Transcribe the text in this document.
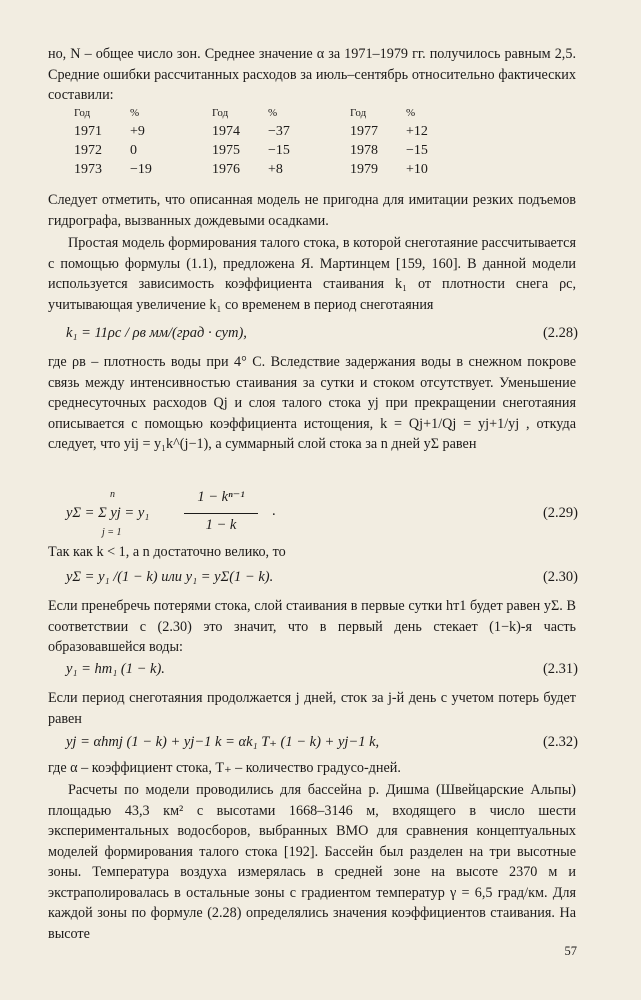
но, N – общее число зон. Среднее значение α за 1971–1979 гг. получилось равным 2,5. Средние ошибки рассчитанных расходов за июль–сентябрь относительно фактических составили:

Год	%	Год	%	Год	%
1971	+9	1974	−37	1977	+12
1972	0	1975	−15	1978	−15
1973	−19	1976	+8	1979	+10

Следует отметить, что описанная модель не пригодна для имитации резких подъемов гидрографа, вызванных дождевыми осадками.

Простая модель формирования талого стока, в которой снеготаяние рассчитывается с помощью формулы (1.1), предложена Я. Мартинцем [159, 160]. В данной модели используется зависимость коэффициента стаивания k₁ от плотности снега ρс, учитывающая увеличение k₁ со временем в период снеготаяния

k₁ = 11ρс / ρв мм/(град · сут),	(2.28)

где ρв – плотность воды при 4° С. Вследствие задержания воды в снежном покрове связь между интенсивностью стаивания за сутки и стоком отсутствует. Уменьшение среднесуточных расходов Qj и слоя талого стока yj при прекращении снеготаяния описывается с помощью коэффициента истощения, k = Qj+1/Qj = yj+1/yj , откуда следует, что yij = y₁k^(j−1), а суммарный слой стока за n дней yΣ равен

yΣ = Σ yj = y₁
n
j = 1
1 − kⁿ⁻¹
1 − k
.	(2.29)

Так как k < 1, а n достаточно велико, то

yΣ = y₁ /(1 − k) или y₁ = yΣ(1 − k).	(2.30)

Если пренебречь потерями стока, слой стаивания в первые сутки hт1 будет равен yΣ. В соответствии с (2.30) это значит, что в первый день стекает (1−k)-я часть образовавшейся воды:

y₁ = hт₁ (1 − k).	(2.31)

Если период снеготаяния продолжается j дней, сток за j-й день с учетом потерь будет равен

yj = αhтj (1 − k) + yj−1 k = αk₁ T₊ (1 − k) + yj−1 k,	(2.32)

где α – коэффициент стока, T₊ – количество градусо-дней.

Расчеты по модели проводились для бассейна р. Дишма (Швейцарские Альпы) площадью 43,3 км² с высотами 1668–3146 м, входящего в число шести экспериментальных водосборов, выбранных ВМО для сравнения концептуальных моделей формирования талого стока [192]. Бассейн был разделен на три высотные зоны. Температура воздуха измерялась в средней зоне на высоте 2370 м и экстраполировалась в остальные зоны с градиентом температур γ = 6,5 град/км. Для каждой зоны по формуле (2.28) определялись значения коэффициентов стаивания. На высоте

57
